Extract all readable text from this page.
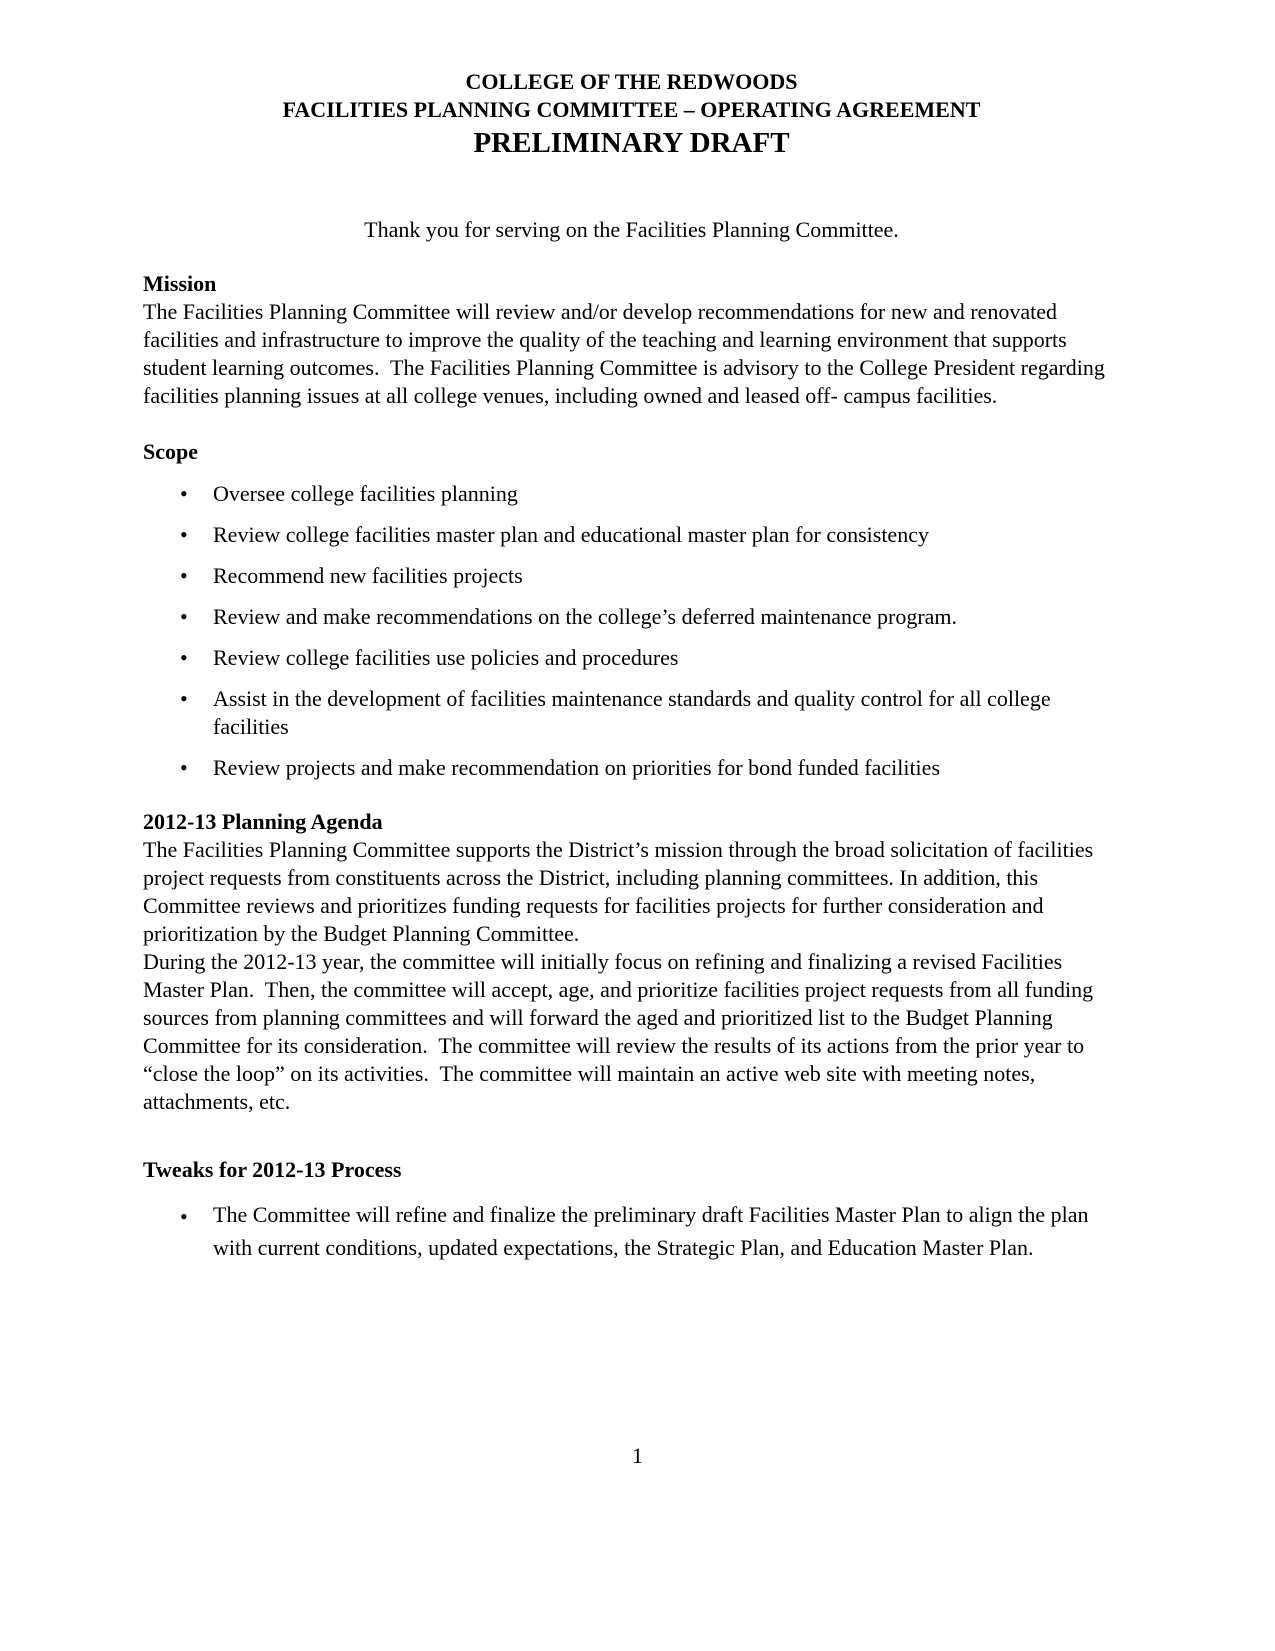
COLLEGE OF THE REDWOODS
FACILITIES PLANNING COMMITTEE – OPERATING AGREEMENT
PRELIMINARY DRAFT

Thank you for serving on the Facilities Planning Committee.

Mission

The Facilities Planning Committee will review and/or develop recommendations for new and renovated facilities and infrastructure to improve the quality of the teaching and learning environment that supports student learning outcomes.  The Facilities Planning Committee is advisory to the College President regarding facilities planning issues at all college venues, including owned and leased off- campus facilities.

Scope
• Oversee college facilities planning
• Review college facilities master plan and educational master plan for consistency
• Recommend new facilities projects
• Review and make recommendations on the college’s deferred maintenance program.
• Review college facilities use policies and procedures
• Assist in the development of facilities maintenance standards and quality control for all college facilities
• Review projects and make recommendation on priorities for bond funded facilities
2012-13 Planning Agenda

The Facilities Planning Committee supports the District’s mission through the broad solicitation of facilities project requests from constituents across the District, including planning committees. In addition, this Committee reviews and prioritizes funding requests for facilities projects for further consideration and prioritization by the Budget Planning Committee.

During the 2012-13 year, the committee will initially focus on refining and finalizing a revised Facilities Master Plan.  Then, the committee will accept, age, and prioritize facilities project requests from all funding sources from planning committees and will forward the aged and prioritized list to the Budget Planning Committee for its consideration.  The committee will review the results of its actions from the prior year to “close the loop” on its activities.  The committee will maintain an active web site with meeting notes, attachments, etc.

Tweaks for 2012-13 Process
• The Committee will refine and finalize the preliminary draft Facilities Master Plan to align the plan with current conditions, updated expectations, the Strategic Plan, and Education Master Plan.
1
